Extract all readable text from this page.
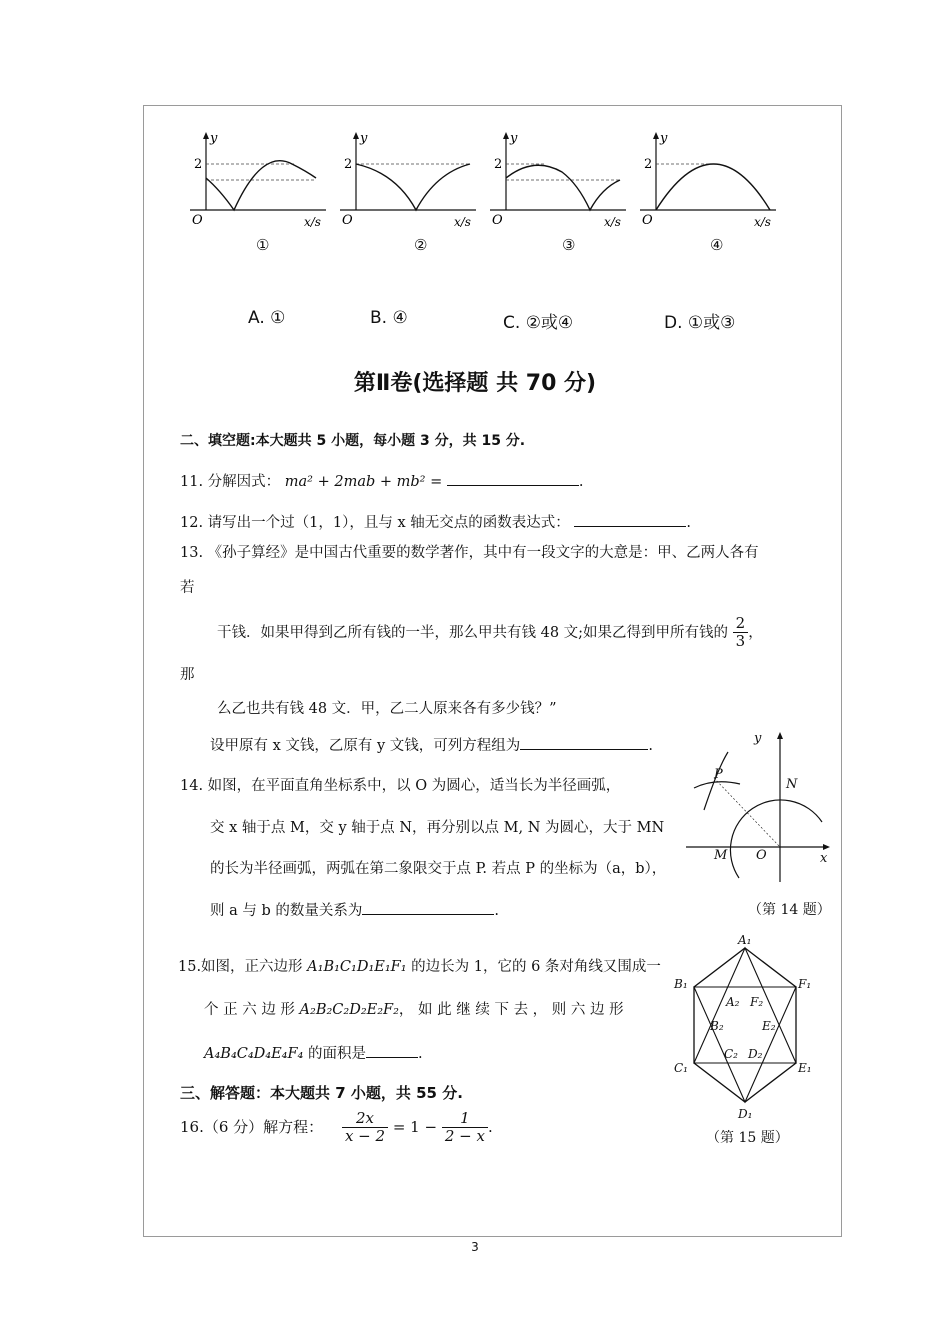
y
2
O	x/s
①
y
2
O	x/s
②
y
2
O	x/s
③
y
2
O	x/s
④
A. ①	B. ④	C. ②或④	D. ①或③
第Ⅱ卷(选择题 共 70 分)
二、填空题:本大题共 5 小题，每小题 3 分，共 15 分.
11. 分解因式： ma² + 2mab + mb² =	.
12. 请写出一个过（1，1），且与 x 轴无交点的函数表达式：	.
13. 《孙子算经》是中国古代重要的数学著作，其中有一段文字的大意是：甲、乙两人各有
若
干钱．如果甲得到乙所有钱的一半，那么甲共有钱 48 文;如果乙得到甲所有钱的 $\frac{2}{3}$ ，
那
么乙也共有钱 48 文．甲，乙二人原来各有多少钱？”
设甲原有 x 文钱，乙原有 y 文钱，可列方程组为	.
14. 如图，在平面直角坐标系中，以 O 为圆心，适当长为半径画弧，
交 x 轴于点 M，交 y 轴于点 N，再分别以点 M, N 为圆心，大于 MN
的长为半径画弧，两弧在第二象限交于点 P. 若点 P 的坐标为（a，b），
则 a 与 b 的数量关系为	.
y
x
P
N
M O
（第 14 题）
15.如图，正六边形 A₁B₁C₁D₁E₁F₁ 的边长为 1，它的 6 条对角线又围成一
个 正 六 边 形 A₂B₂C₂D₂E₂F₂， 如 此 继 续 下 去 ， 则 六 边 形
A₄B₄C₄D₄E₄F₄ 的面积是	.
A₁
B₁
C₁
D₁
E₁
F₁
A₂
B₂
C₂ D₂
E₂
F₂
（第 15 题）
三、解答题：本大题共 7 小题，共 55 分.
16.（6 分）解方程： $\frac{2x}{x - 2} = 1 - \frac{1}{2 - x}$ .
3
